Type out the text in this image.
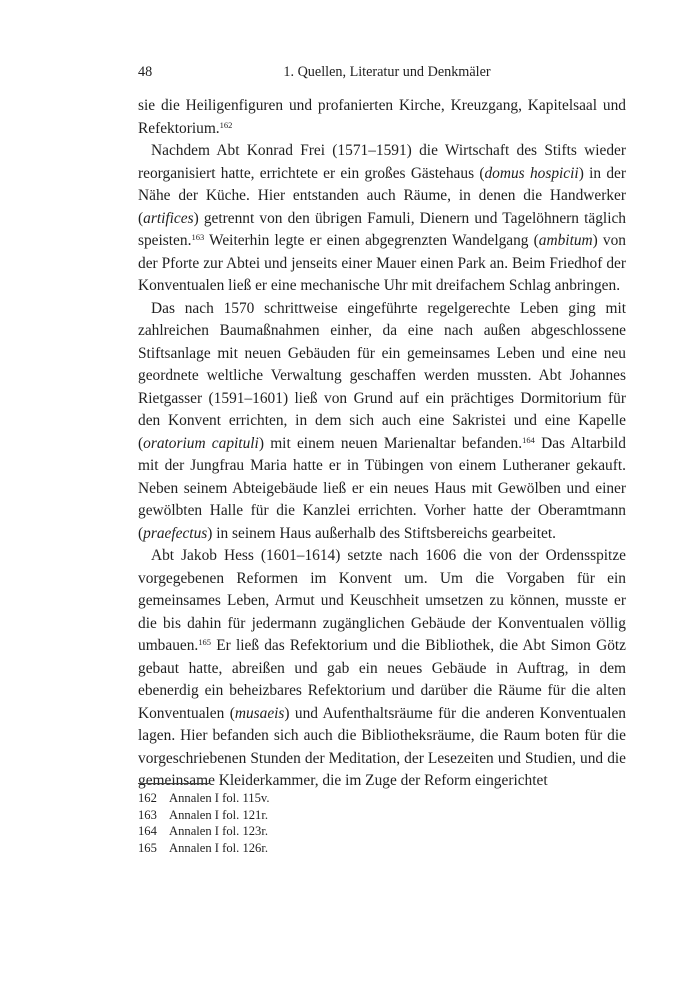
48	1. Quellen, Literatur und Denkmäler

sie die Heiligenfiguren und profanierten Kirche, Kreuzgang, Kapitelsaal und Refektorium.$^{162}$

Nachdem Abt Konrad Frei (1571–1591) die Wirtschaft des Stifts wieder reorganisiert hatte, errichtete er ein großes Gästehaus (domus hospicii) in der Nähe der Küche. Hier entstanden auch Räume, in denen die Handwerker (artifices) getrennt von den übrigen Famuli, Dienern und Tagelöhnern täglich speisten.$^{163}$ Weiterhin legte er einen abgegrenzten Wandelgang (ambitum) von der Pforte zur Abtei und jenseits einer Mauer einen Park an. Beim Friedhof der Konventualen ließ er eine mechanische Uhr mit dreifachem Schlag anbringen.

Das nach 1570 schrittweise eingeführte regelgerechte Leben ging mit zahlreichen Baumaßnahmen einher, da eine nach außen abgeschlossene Stiftsanlage mit neuen Gebäuden für ein gemeinsames Leben und eine neu geordnete weltliche Verwaltung geschaffen werden mussten. Abt Johannes Rietgasser (1591–1601) ließ von Grund auf ein prächtiges Dormitorium für den Konvent errichten, in dem sich auch eine Sakristei und eine Kapelle (oratorium capituli) mit einem neuen Marienaltar befanden.$^{164}$ Das Altarbild mit der Jungfrau Maria hatte er in Tübingen von einem Lutheraner gekauft. Neben seinem Abteigebäude ließ er ein neues Haus mit Gewölben und einer gewölbten Halle für die Kanzlei errichten. Vorher hatte der Oberamtmann (praefectus) in seinem Haus außerhalb des Stiftsbereichs gearbeitet.

Abt Jakob Hess (1601–1614) setzte nach 1606 die von der Ordensspitze vorgegebenen Reformen im Konvent um. Um die Vorgaben für ein gemeinsames Leben, Armut und Keuschheit umsetzen zu können, musste er die bis dahin für jedermann zugänglichen Gebäude der Konventualen völlig umbauen.$^{165}$ Er ließ das Refektorium und die Bibliothek, die Abt Simon Götz gebaut hatte, abreißen und gab ein neues Gebäude in Auftrag, in dem ebenerdig ein beheizbares Refektorium und darüber die Räume für die alten Konventualen (musaeis) und Aufenthaltsräume für die anderen Konventualen lagen. Hier befanden sich auch die Bibliotheksräume, die Raum boten für die vorgeschriebenen Stunden der Meditation, der Lesezeiten und Studien, und die gemeinsame Kleiderkammer, die im Zuge der Reform eingerichtet

162 Annalen I fol. 115v.
163 Annalen I fol. 121r.
164 Annalen I fol. 123r.
165 Annalen I fol. 126r.
